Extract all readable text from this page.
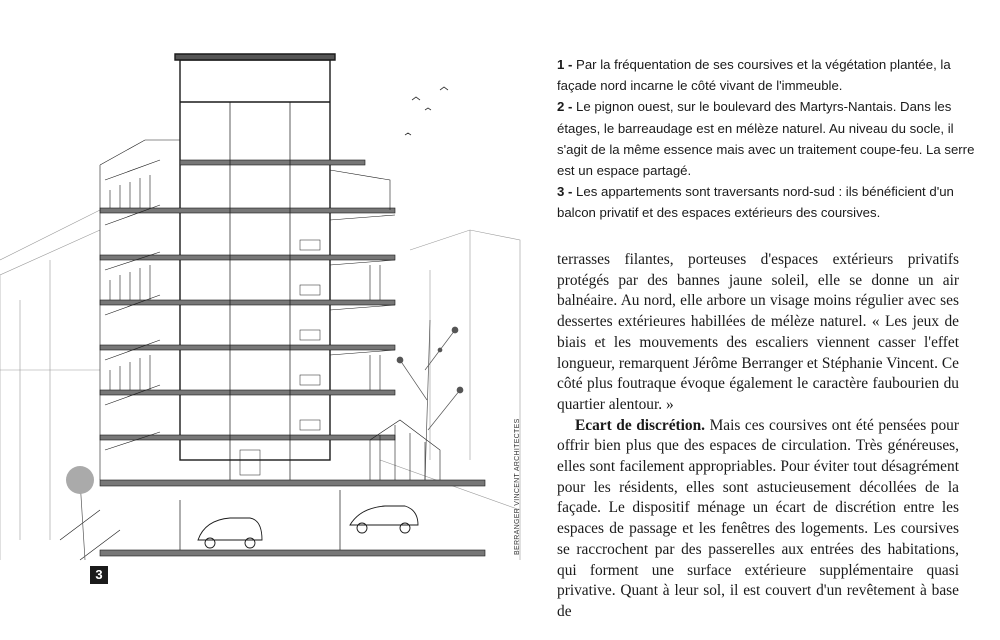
3
BERRANGER VINCENT ARCHITECTES

1 - Par la fréquentation de ses coursives et la végétation plantée, la façade nord incarne le côté vivant de l'immeuble.

2 - Le pignon ouest, sur le boulevard des Martyrs-Nantais. Dans les étages, le barreaudage est en mélèze naturel. Au niveau du socle, il s'agit de la même essence mais avec un traitement coupe-feu. La serre est un espace partagé.

3 - Les appartements sont traversants nord-sud : ils bénéficient d'un balcon privatif et des espaces extérieurs des coursives.

terrasses filantes, porteuses d'espaces extérieurs privatifs protégés par des bannes jaune soleil, elle se donne un air balnéaire. Au nord, elle arbore un visage moins régulier avec ses dessertes extérieures habillées de mélèze naturel. « Les jeux de biais et les mouvements des escaliers viennent casser l'effet longueur, remarquent Jérôme Berranger et Stéphanie Vincent. Ce côté plus foutraque évoque également le caractère faubourien du quartier alentour. »

Ecart de discrétion. Mais ces coursives ont été pensées pour offrir bien plus que des espaces de circulation. Très généreuses, elles sont facilement appropriables. Pour éviter tout désagrément pour les résidents, elles sont astucieusement décollées de la façade. Le dispositif ménage un écart de discrétion entre les espaces de passage et les fenêtres des logements. Les coursives se raccrochent par des passerelles aux entrées des habitations, qui forment une surface extérieure supplémentaire quasi privative. Quant à leur sol, il est couvert d'un revêtement à base de
